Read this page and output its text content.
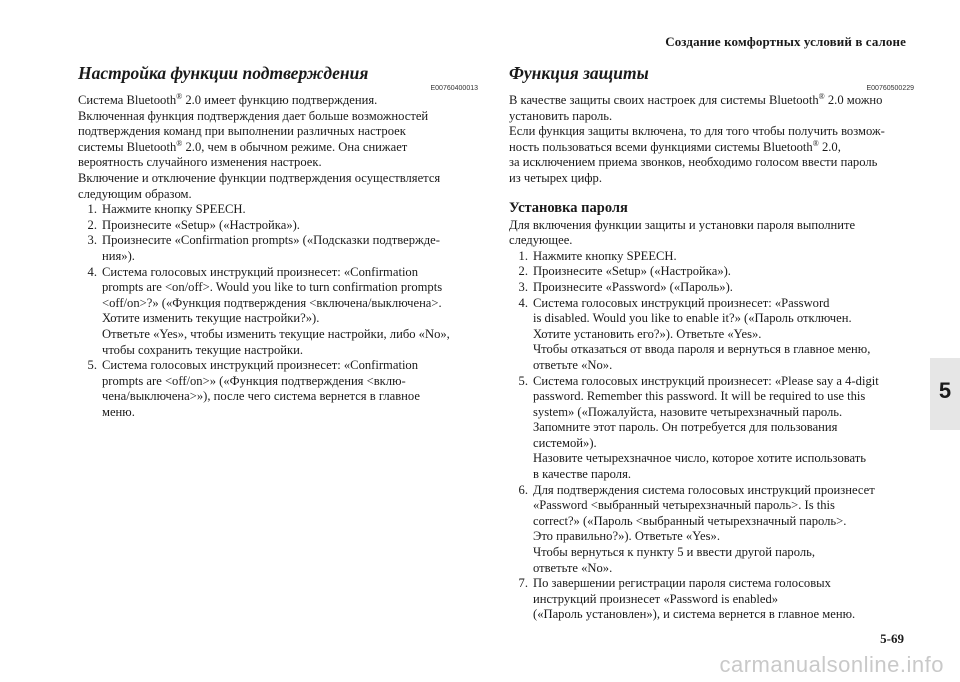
Создание комфортных условий в салоне
Настройка функции подтверждения
E00760400013

Система Bluetooth® 2.0 имеет функцию подтверждения.
Включенная функция подтверждения дает больше возможностей
подтверждения команд при выполнении различных настроек
системы Bluetooth® 2.0, чем в обычном режиме. Она снижает
вероятность случайного изменения настроек.
Включение и отключение функции подтверждения осуществляется
следующим образом.

1. Нажмите кнопку SPEECH.
2. Произнесите «Setup» («Настройка»).
3. Произнесите «Confirmation prompts» («Подсказки подтвержде-
ния»).
4. Система голосовых инструкций произнесет: «Confirmation
prompts are <on/off>. Would you like to turn confirmation prompts
<off/on>?» («Функция подтверждения <включена/выключена>.
Хотите изменить текущие настройки?»).
Ответьте «Yes», чтобы изменить текущие настройки, либо «No»,
чтобы сохранить текущие настройки.
5. Система голосовых инструкций произнесет: «Confirmation
prompts are <off/on>» («Функция подтверждения <вклю-
чена/выключена>»), после чего система вернется в главное
меню.
Функция защиты
E00760500229

В качестве защиты своих настроек для системы Bluetooth® 2.0 можно
установить пароль.
Если функция защиты включена, то для того чтобы получить возмож-
ность пользоваться всеми функциями системы Bluetooth® 2.0,
за исключением приема звонков, необходимо голосом ввести пароль
из четырех цифр.

Установка пароля

Для включения функции защиты и установки пароля выполните
следующее.

1. Нажмите кнопку SPEECH.
2. Произнесите «Setup» («Настройка»).
3. Произнесите «Password» («Пароль»).
4. Система голосовых инструкций произнесет: «Password
is disabled. Would you like to enable it?» («Пароль отключен.
Хотите установить его?»). Ответьте «Yes».
Чтобы отказаться от ввода пароля и вернуться в главное меню,
ответьте «No».
5. Система голосовых инструкций произнесет: «Please say a 4-digit
password. Remember this password. It will be required to use this
system» («Пожалуйста, назовите четырехзначный пароль.
Запомните этот пароль. Он потребуется для пользования
системой»).
Назовите четырехзначное число, которое хотите использовать
в качестве пароля.
6. Для подтверждения система голосовых инструкций произнесет
«Password <выбранный четырехзначный пароль>. Is this
correct?» («Пароль <выбранный четырехзначный пароль>.
Это правильно?»). Ответьте «Yes».
Чтобы вернуться к пункту 5 и ввести другой пароль,
ответьте «No».
7. По завершении регистрации пароля система голосовых
инструкций произнесет «Password is enabled»
(«Пароль установлен»), и система вернется в главное меню.
5
5-69
carmanualsonline.info
